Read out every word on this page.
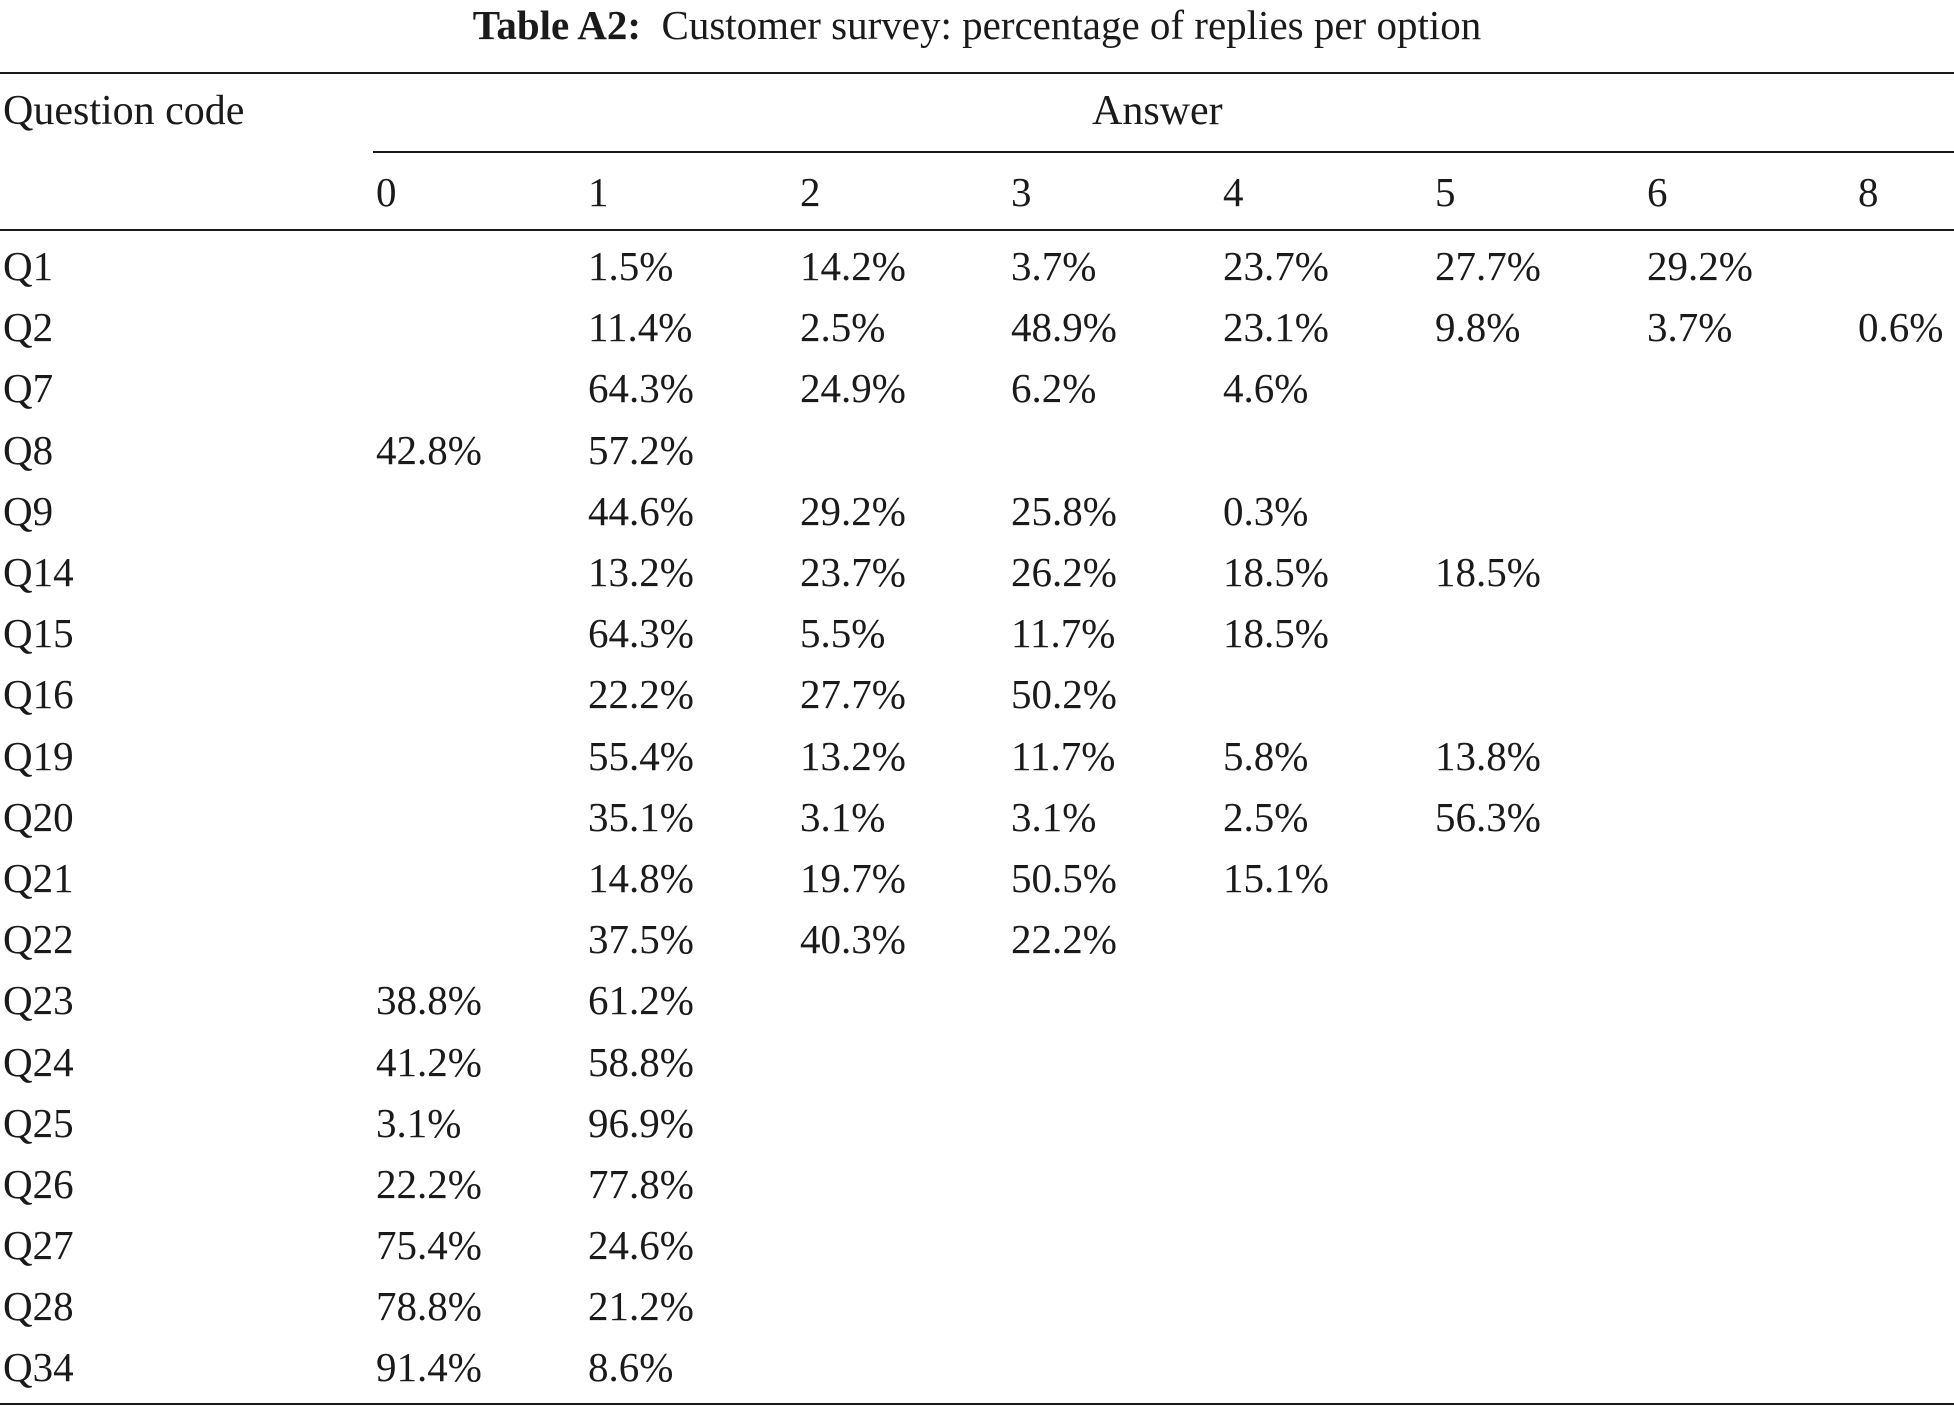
Table A2: Customer survey: percentage of replies per option
Question code	Answer
0	1	2	3	4	5	6	8
Q1		1.5%	14.2%	3.7%	23.7%	27.7%	29.2%	
Q2		11.4%	2.5%	48.9%	23.1%	9.8%	3.7%	0.6%
Q7		64.3%	24.9%	6.2%	4.6%			
Q8	42.8%	57.2%						
Q9		44.6%	29.2%	25.8%	0.3%			
Q14		13.2%	23.7%	26.2%	18.5%	18.5%		
Q15		64.3%	5.5%	11.7%	18.5%			
Q16		22.2%	27.7%	50.2%				
Q19		55.4%	13.2%	11.7%	5.8%	13.8%		
Q20		35.1%	3.1%	3.1%	2.5%	56.3%		
Q21		14.8%	19.7%	50.5%	15.1%			
Q22		37.5%	40.3%	22.2%				
Q23	38.8%	61.2%						
Q24	41.2%	58.8%						
Q25	3.1%	96.9%						
Q26	22.2%	77.8%						
Q27	75.4%	24.6%						
Q28	78.8%	21.2%						
Q34	91.4%	8.6%						
